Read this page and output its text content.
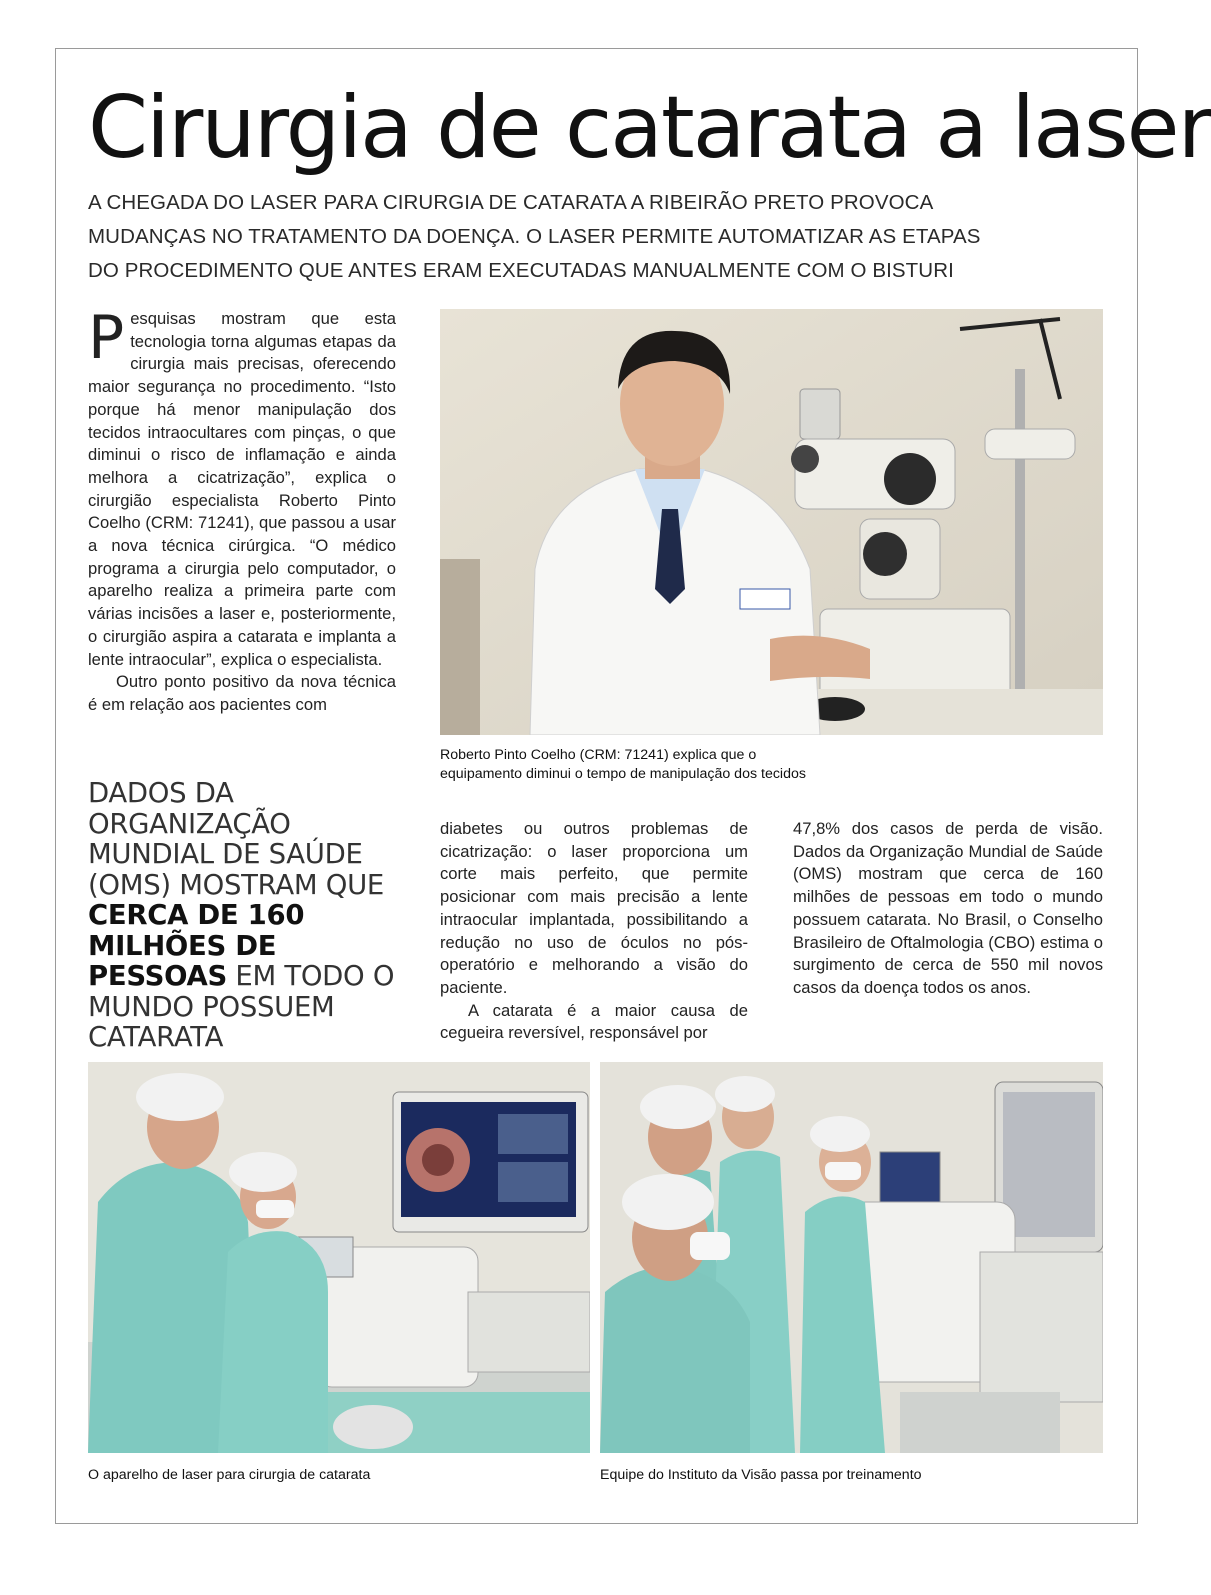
Cirurgia de catarata a laser
A CHEGADA DO LASER PARA CIRURGIA DE CATARATA A RIBEIRÃO PRETO PROVOCA
MUDANÇAS NO TRATAMENTO DA DOENÇA. O LASER PERMITE AUTOMATIZAR AS ETAPAS
DO PROCEDIMENTO QUE ANTES ERAM EXECUTADAS MANUALMENTE COM O BISTURI
P esquisas mostram que esta tecnologia torna algumas etapas da cirurgia mais precisas, oferecendo maior segurança no procedimento. “Isto porque há menor manipulação dos tecidos intraocultares com pinças, o que diminui o risco de inflamação e ainda melhora a cicatrização”, explica o cirurgião especialista Roberto Pinto Coelho (CRM: 71241), que passou a usar a nova técnica cirúrgica. “O médico programa a cirurgia pelo computador, o aparelho realiza a primeira parte com várias incisões a laser e, posteriormente, o cirurgião aspira a catarata e implanta a lente intraocular”, explica o especialista.

Outro ponto positivo da nova técnica é em relação aos pacientes com

Roberto Pinto Coelho (CRM: 71241) explica que o
equipamento diminui o tempo de manipulação dos tecidos
DADOS DA ORGANIZAÇÃO MUNDIAL DE SAÚDE (OMS) MOSTRAM QUE CERCA DE 160 MILHÕES DE PESSOAS EM TODO O MUNDO POSSUEM CATARATA

diabetes ou outros problemas de cicatrização: o laser proporciona um corte mais perfeito, que permite posicionar com mais precisão a lente intraocular implantada, possibilitando a redução no uso de óculos no pós-operatório e melhorando a visão do paciente.

A catarata é a maior causa de cegueira reversível, responsável por

47,8% dos casos de perda de visão. Dados da Organização Mundial de Saúde (OMS) mostram que cerca de 160 milhões de pessoas em todo o mundo possuem catarata. No Brasil, o Conselho Brasileiro de Oftalmologia (CBO) estima o surgimento de cerca de 550 mil novos casos da doença todos os anos.

O aparelho de laser para cirurgia de catarata	Equipe do Instituto da Visão passa por treinamento
